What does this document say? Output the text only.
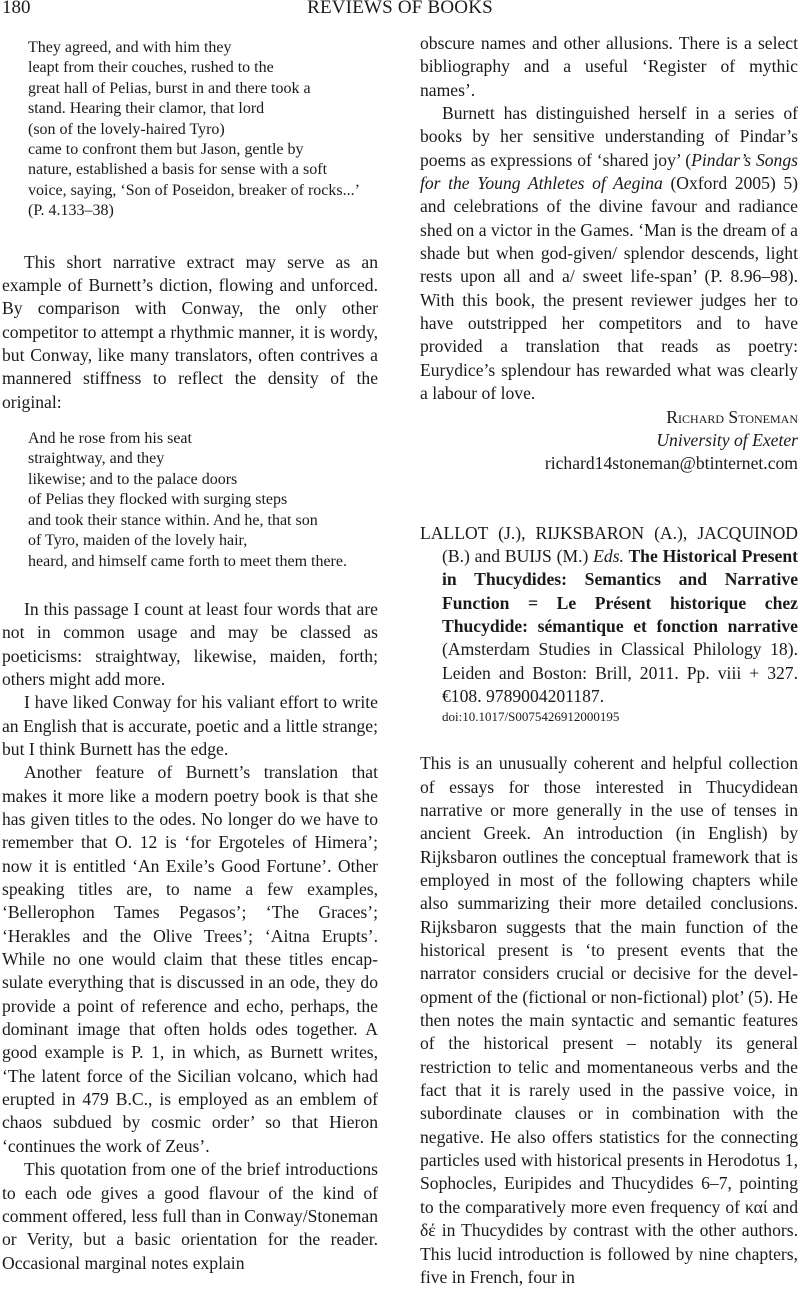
180	REVIEWS OF BOOKS
They agreed, and with him they
leapt from their couches, rushed to the
great hall of Pelias, burst in and there took a
stand. Hearing their clamor, that lord
(son of the lovely-haired Tyro)
came to confront them but Jason, gentle by
nature, established a basis for sense with a soft
voice, saying, ‘Son of Poseidon, breaker of rocks...’
(P. 4.133–38)

This short narrative extract may serve as an example of Burnett’s diction, flowing and unforced. By comparison with Conway, the only other competitor to attempt a rhythmic manner, it is wordy, but Conway, like many translators, often contrives a mannered stiffness to reflect the density of the original:

And he rose from his seat
straightway, and they
likewise; and to the palace doors
of Pelias they flocked with surging steps
and took their stance within. And he, that son
of Tyro, maiden of the lovely hair,
heard, and himself came forth to meet them there.

In this passage I count at least four words that are not in common usage and may be classed as poeticisms: straightway, likewise, maiden, forth; others might add more.

I have liked Conway for his valiant effort to write an English that is accurate, poetic and a little strange; but I think Burnett has the edge.

Another feature of Burnett’s translation that makes it more like a modern poetry book is that she has given titles to the odes. No longer do we have to remember that O. 12 is ‘for Ergoteles of Himera’; now it is entitled ‘An Exile’s Good Fortune’. Other speaking titles are, to name a few examples, ‘Bellerophon Tames Pegasos’; ‘The Graces’; ‘Herakles and the Olive Trees’; ‘Aitna Erupts’. While no one would claim that these titles encapsulate everything that is discussed in an ode, they do provide a point of reference and echo, perhaps, the dominant image that often holds odes together. A good example is P. 1, in which, as Burnett writes, ‘The latent force of the Sicilian volcano, which had erupted in 479 B.C., is employed as an emblem of chaos subdued by cosmic order’ so that Hieron ‘continues the work of Zeus’.

This quotation from one of the brief introductions to each ode gives a good flavour of the kind of comment offered, less full than in Conway/Stoneman or Verity, but a basic orientation for the reader. Occasional marginal notes explain

obscure names and other allusions. There is a select bibliography and a useful ‘Register of mythic names’.

Burnett has distinguished herself in a series of books by her sensitive understanding of Pindar’s poems as expressions of ‘shared joy’ (Pindar’s Songs for the Young Athletes of Aegina (Oxford 2005) 5) and celebrations of the divine favour and radiance shed on a victor in the Games. ‘Man is the dream of a shade but when god-given/ splendor descends, light rests upon all and a/ sweet life-span’ (P. 8.96–98). With this book, the present reviewer judges her to have outstripped her competitors and to have provided a translation that reads as poetry: Eurydice’s splendour has rewarded what was clearly a labour of love.

Richard Stoneman
University of Exeter
richard14stoneman@btinternet.com

LALLOT (J.), RIJKSBARON (A.), JACQUINOD (B.) and BUIJS (M.) Eds. The Historical Present in Thucydides: Semantics and Narrative Function = Le Présent historique chez Thucydide: sémantique et fonction narrative (Amsterdam Studies in Classical Philology 18). Leiden and Boston: Brill, 2011. Pp. viii + 327. €108. 9789004201187.

doi:10.1017/S0075426912000195

This is an unusually coherent and helpful collection of essays for those interested in Thucydidean narrative or more generally in the use of tenses in ancient Greek. An introduction (in English) by Rijksbaron outlines the conceptual framework that is employed in most of the following chapters while also summarizing their more detailed conclusions. Rijksbaron suggests that the main function of the historical present is ‘to present events that the narrator considers crucial or decisive for the development of the (fictional or non-fictional) plot’ (5). He then notes the main syntactic and semantic features of the historical present – notably its general restriction to telic and momentaneous verbs and the fact that it is rarely used in the passive voice, in subordinate clauses or in combination with the negative. He also offers statistics for the connecting particles used with historical presents in Herodotus 1, Sophocles, Euripides and Thucydides 6–7, pointing to the comparatively more even frequency of καί and δέ in Thucydides by contrast with the other authors. This lucid introduction is followed by nine chapters, five in French, four in
